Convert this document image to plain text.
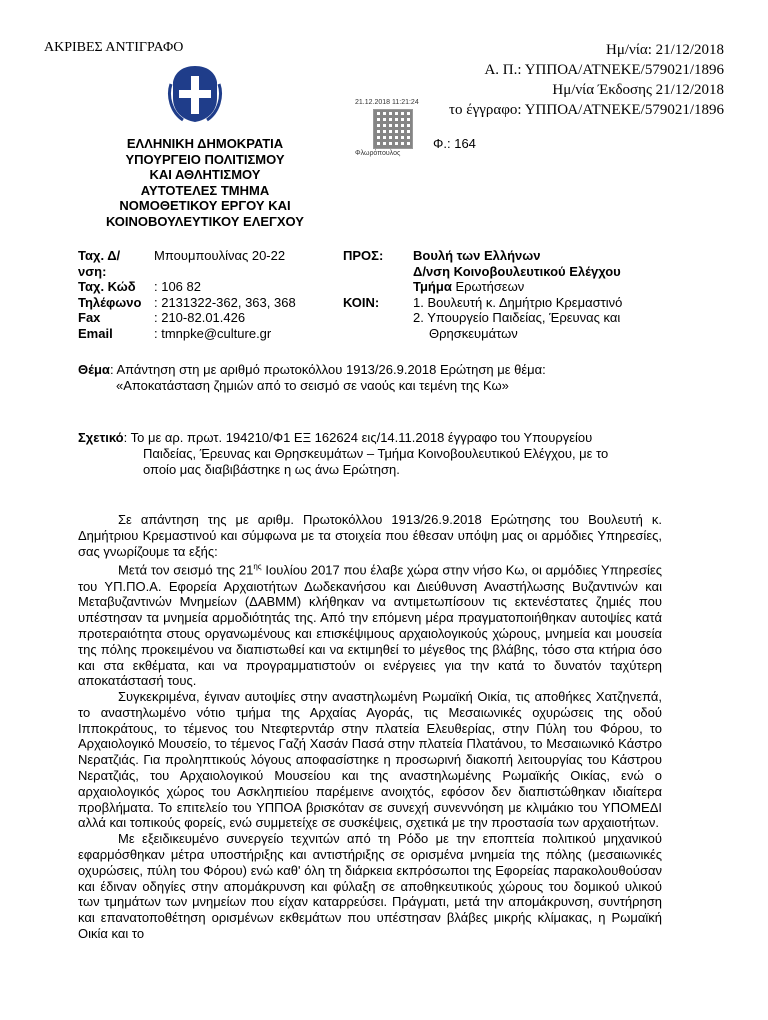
ΑΚΡΙΒΕΣ ΑΝΤΙΓΡΑΦΟ	Ημ/νία: 21/12/2018
Α. Π.: ΥΠΠΟΑ/ΑΤΝΕΚΕ/579021/1896
Ημ/νία Έκδοσης 21/12/2018
το έγγραφο: ΥΠΠΟΑ/ΑΤΝΕΚΕ/579021/1896
21.12.2018 11:21:24
Φλωρόπουλος
Φ.: 164
ΕΛΛΗΝΙΚΗ ΔΗΜΟΚΡΑΤΙΑ
ΥΠΟΥΡΓΕΙΟ ΠΟΛΙΤΙΣΜΟΥ
ΚΑΙ ΑΘΛΗΤΙΣΜΟΥ
ΑΥΤΟΤΕΛΕΣ ΤΜΗΜΑ
ΝΟΜΟΘΕΤΙΚΟΥ ΕΡΓΟΥ ΚΑΙ
ΚΟΙΝΟΒΟΥΛΕΥΤΙΚΟΥ ΕΛΕΓΧΟΥ
Ταχ. Δ/νση:
Μπουμπουλίνας 20-22
Ταχ. Κώδ	: 106 82
Τηλέφωνο : 2131322-362, 363, 368
Fax	: 210-82.01.426
Email	: tmnpke@culture.gr
ΠΡΟΣ:	Βουλή των Ελλήνων
Δ/νση Κοινοβουλευτικού Ελέγχου
Τμήμα Ερωτήσεων
ΚΟΙΝ:	1. Βουλευτή κ. Δημήτριο Κρεμαστινό
2. Υπουργείο Παιδείας, Έρευνας και
Θρησκευμάτων
Θέμα: Απάντηση στη με αριθμό πρωτοκόλλου 1913/26.9.2018 Ερώτηση με θέμα:
«Αποκατάσταση ζημιών από το σεισμό σε ναούς και τεμένη της Κω»
Σχετικό: Το με αρ. πρωτ. 194210/Φ1 ΕΞ 162624 εις/14.11.2018 έγγραφο του Υπουργείου
Παιδείας, Έρευνας και Θρησκευμάτων – Τμήμα Κοινοβουλευτικού Ελέγχου, με το
οποίο μας διαβιβάστηκε η ως άνω Ερώτηση.

Σε απάντηση της με αριθμ. Πρωτοκόλλου 1913/26.9.2018 Ερώτησης του Βουλευτή κ. Δημήτριου Κρεμαστινού και σύμφωνα με τα στοιχεία που έθεσαν υπόψη μας οι αρμόδιες Υπηρεσίες, σας γνωρίζουμε τα εξής:

Μετά τον σεισμό της $21^{\eta\varsigma}$ Ιουλίου 2017 που έλαβε χώρα στην νήσο Κω, οι αρμόδιες Υπηρεσίες του ΥΠ.ΠΟ.Α. Εφορεία Αρχαιοτήτων Δωδεκανήσου και Διεύθυνση Αναστήλωσης Βυζαντινών και Μεταβυζαντινών Μνημείων (ΔΑΒΜΜ) κλήθηκαν να αντιμετωπίσουν τις εκτενέστατες ζημιές που υπέστησαν τα μνημεία αρμοδιότητάς της. Από την επόμενη μέρα πραγματοποιήθηκαν αυτοψίες κατά προτεραιότητα στους οργανωμένους και επισκέψιμους αρχαιολογικούς χώρους, μνημεία και μουσεία της πόλης προκειμένου να διαπιστωθεί και να εκτιμηθεί το μέγεθος της βλάβης, τόσο στα κτήρια όσο και στα εκθέματα, και να προγραμματιστούν οι ενέργειες για την κατά το δυνατόν ταχύτερη αποκατάστασή τους.

Συγκεκριμένα, έγιναν αυτοψίες στην αναστηλωμένη Ρωμαϊκή Οικία, τις αποθήκες Χατζηνεπά, το αναστηλωμένο νότιο τμήμα της Αρχαίας Αγοράς, τις Μεσαιωνικές οχυρώσεις της οδού Ιπποκράτους, το τέμενος του Ντεφτερντάρ στην πλατεία Ελευθερίας, στην Πύλη του Φόρου, το Αρχαιολογικό Μουσείο, το τέμενος Γαζή Χασάν Πασά στην πλατεία Πλατάνου, το Μεσαιωνικό Κάστρο Νερατζιάς. Για προληπτικούς λόγους αποφασίστηκε η προσωρινή διακοπή λειτουργίας του Κάστρου Νερατζιάς, του Αρχαιολογικού Μουσείου και της αναστηλωμένης Ρωμαϊκής Οικίας, ενώ ο αρχαιολογικός χώρος του Ασκληπιείου παρέμεινε ανοιχτός, εφόσον δεν διαπιστώθηκαν ιδιαίτερα προβλήματα. Το επιτελείο του ΥΠΠΟΑ βρισκόταν σε συνεχή συνεννόηση με κλιμάκιο του ΥΠΟΜΕΔΙ αλλά και τοπικούς φορείς, ενώ συμμετείχε σε συσκέψεις, σχετικά με την προστασία των αρχαιοτήτων.

Με εξειδικευμένο συνεργείο τεχνιτών από τη Ρόδο με την εποπτεία πολιτικού μηχανικού εφαρμόσθηκαν μέτρα υποστήριξης και αντιστήριξης σε ορισμένα μνημεία της πόλης (μεσαιωνικές οχυρώσεις, πύλη του Φόρου) ενώ καθ' όλη τη διάρκεια εκπρόσωποι της Εφορείας παρακολουθούσαν και έδιναν οδηγίες στην απομάκρυνση και φύλαξη σε αποθηκευτικούς χώρους του δομικού υλικού των τμημάτων των μνημείων που είχαν καταρρεύσει. Πράγματι, μετά την απομάκρυνση, συντήρηση και επανατοποθέτηση ορισμένων εκθεμάτων που υπέστησαν βλάβες μικρής κλίμακας, η Ρωμαϊκή Οικία και το
